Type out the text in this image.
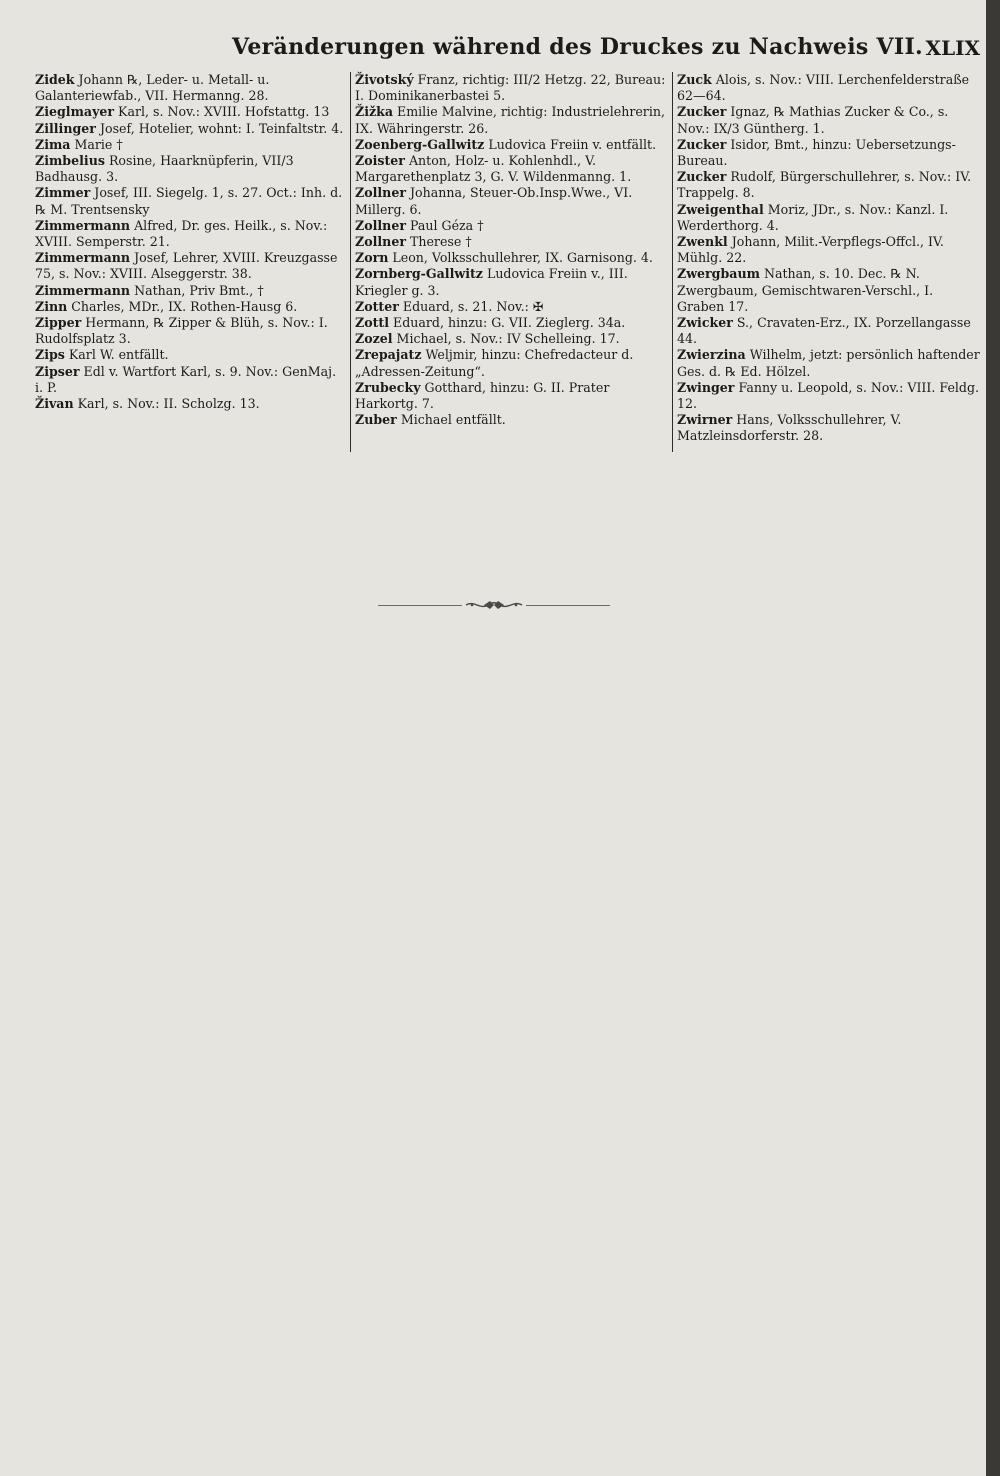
Veränderungen während des Druckes zu Nachweis VII. XLIX

Zidek Johann ℞, Leder- u. Metall- u. Galanteriewfab., VII. Hermanng. 28.

Zieglmayer Karl, s. Nov.: XVIII. Hofstattg. 13

Zillinger Josef, Hotelier, wohnt: I. Teinfaltstr. 4.

Zima Marie †

Zimbelius Rosine, Haarknüpferin, VII/3 Badhausg. 3.

Zimmer Josef, III. Siegelg. 1, s. 27. Oct.: Inh. d. ℞ M. Trentsensky

Zimmermann Alfred, Dr. ges. Heilk., s. Nov.: XVIII. Semperstr. 21.

Zimmermann Josef, Lehrer, XVIII. Kreuzgasse 75, s. Nov.: XVIII. Alseggerstr. 38.

Zimmermann Nathan, Priv Bmt., †

Zinn Charles, MDr., IX. Rothen-Hausg 6.

Zipper Hermann, ℞ Zipper & Blüh, s. Nov.: I. Rudolfsplatz 3.

Zips Karl W. entfällt.

Zipser Edl v. Wartfort Karl, s. 9. Nov.: GenMaj. i. P.

Živan Karl, s. Nov.: II. Scholzg. 13.

Životský Franz, richtig: III/2 Hetzg. 22, Bureau: I. Dominikanerbastei 5.

Žižka Emilie Malvine, richtig: Industrielehrerin, IX. Währingerstr. 26.

Zoenberg-Gallwitz Ludovica Freiin v. entfällt.

Zoister Anton, Holz- u. Kohlenhdl., V. Margarethenplatz 3, G. V. Wildenmanng. 1.

Zollner Johanna, Steuer-Ob.Insp.Wwe., VI. Millerg. 6.

Zollner Paul Géza †

Zollner Therese †

Zorn Leon, Volksschullehrer, IX. Garnisong. 4.

Zornberg-Gallwitz Ludovica Freiin v., III. Kriegler g. 3.

Zotter Eduard, s. 21. Nov.: ✠

Zottl Eduard, hinzu: G. VII. Zieglerg. 34a.

Zozel Michael, s. Nov.: IV Schelleing. 17.

Zrepajatz Weljmir, hinzu: Chefredacteur d. „Adressen-Zeitung“.

Zrubecky Gotthard, hinzu: G. II. Prater Harkortg. 7.

Zuber Michael entfällt.

Zuck Alois, s. Nov.: VIII. Lerchenfelderstraße 62—64.

Zucker Ignaz, ℞ Mathias Zucker & Co., s. Nov.: IX/3 Güntherg. 1.

Zucker Isidor, Bmt., hinzu: Uebersetzungs-Bureau.

Zucker Rudolf, Bürgerschullehrer, s. Nov.: IV. Trappelg. 8.

Zweigenthal Moriz, JDr., s. Nov.: Kanzl. I. Werderthorg. 4.

Zwenkl Johann, Milit.-Verpflegs-Offcl., IV. Mühlg. 22.

Zwergbaum Nathan, s. 10. Dec. ℞ N. Zwergbaum, Gemischtwaren-Verschl., I. Graben 17.

Zwicker S., Cravaten-Erz., IX. Porzellangasse 44.

Zwierzina Wilhelm, jetzt: persönlich haftender Ges. d. ℞ Ed. Hölzel.

Zwinger Fanny u. Leopold, s. Nov.: VIII. Feldg. 12.

Zwirner Hans, Volksschullehrer, V. Matzleinsdorferstr. 28.
